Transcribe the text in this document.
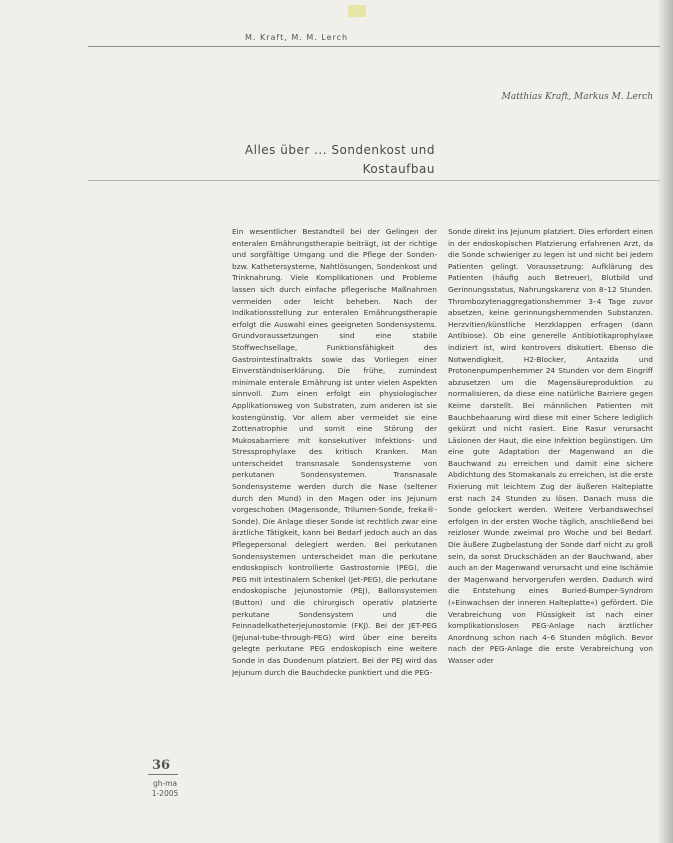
M. Kraft, M. M. Lerch
Matthias Kraft, Markus M. Lerch
Alles über ... Sondenkost und
Kostaufbau

Ein wesentlicher Bestandteil bei der Gelingen der enteralen Ernährungstherapie beiträgt, ist der richtige und sorgfältige Umgang und die Pflege der Sonden- bzw. Kathetersysteme, Nahtlösungen, Sondenkost und Trinknahrung. Viele Komplikationen und Probleme lassen sich durch einfache pflegerische Maßnahmen vermeiden oder leicht beheben. Nach der Indikationsstellung zur enteralen Ernährungstherapie erfolgt die Auswahl eines geeigneten Sondensystems. Grundvoraussetzungen sind eine stabile Stoffwechsellage, Funktionsfähigkeit des Gastrointestinaltrakts sowie das Vorliegen einer Einverständniserklärung. Die frühe, zumindest minimale enterale Ernährung ist unter vielen Aspekten sinnvoll. Zum einen erfolgt ein physiologischer Applikationsweg von Substraten, zum anderen ist sie kostengünstig. Vor allem aber vermeidet sie eine Zottenatrophie und somit eine Störung der Mukosabarriere mit konsekutiver Infektions- und Stressprophylaxe des kritisch Kranken. Man unterscheidet transnasale Sondensysteme von perkutanen Sondensystemen. Transnasale Sondensysteme werden durch die Nase (seltener durch den Mund) in den Magen oder ins Jejunum vorgeschoben (Magensonde, Trilumen-Sonde, freka®-Sonde). Die Anlage dieser Sonde ist rechtlich zwar eine ärztliche Tätigkeit, kann bei Bedarf jedoch auch an das Pflegepersonal delegiert werden. Bei perkutanen Sondensystemen unterscheidet man die perkutane endoskopisch kontrollierte Gastrostomie (PEG), die PEG mit intestinalem Schenkel (Jet-PEG), die perkutane endoskopische Jejunostomie (PEJ), Ballonsystemen (Button) und die chirurgisch operativ platzierte perkutane Sondensystem und die Feinnadelkatheterjejunostomie (FKJ). Bei der JET-PEG (Jejunal-tube-through-PEG) wird über eine bereits gelegte perkutane PEG endoskopisch eine weitere Sonde in das Duodenum platziert. Bei der PEJ wird das Jejunum durch die Bauchdecke punktiert und die PEG-

Sonde direkt ins Jejunum platziert. Dies erfordert einen in der endoskopischen Platzierung erfahrenen Arzt, da die Sonde schwieriger zu legen ist und nicht bei jedem Patienten gelingt. Voraussetzung: Aufklärung des Patienten (häufig auch Betreuer), Blutbild und Gerinnungsstatus, Nahrungskarenz von 8–12 Stunden. Thrombozytenaggregationshemmer 3–4 Tage zuvor absetzen, keine gerinnungshemmenden Substanzen. Herzvitien/künstliche Herzklappen erfragen (dann Antibiose). Ob eine generelle Antibiotikaprophylaxe indiziert ist, wird kontrovers diskutiert. Ebenso die Notwendigkeit, H2-Blocker, Antazida und Protonenpumpenhemmer 24 Stunden vor dem Eingriff abzusetzen um die Magensäureproduktion zu normalisieren, da diese eine natürliche Barriere gegen Keime darstellt. Bei männlichen Patienten mit Bauchbehaarung wird diese mit einer Schere lediglich gekürzt und nicht rasiert. Eine Rasur verursacht Läsionen der Haut, die eine Infektion begünstigen. Um eine gute Adaptation der Magenwand an die Bauchwand zu erreichen und damit eine sichere Abdichtung des Stomakanals zu erreichen, ist die erste Fixierung mit leichtem Zug der äußeren Halteplatte erst nach 24 Stunden zu lösen. Danach muss die Sonde gelockert werden. Weitere Verbandswechsel erfolgen in der ersten Woche täglich, anschließend bei reizloser Wunde zweimal pro Woche und bei Bedarf. Die äußere Zugbelastung der Sonde darf nicht zu groß sein, da sonst Druckschäden an der Bauchwand, aber auch an der Magenwand verursacht und eine Ischämie der Magenwand hervorgerufen werden. Dadurch wird die Entstehung eines Buried-Bumper-Syndrom (»Einwachsen der inneren Halteplatte«) gefördert. Die Verabreichung von Flüssigkeit ist nach einer komplikationslosen PEG-Anlage nach ärztlicher Anordnung schon nach 4–6 Stunden möglich. Bevor nach der PEG-Anlage die erste Verabreichung von Wasser oder

36
gh-ma
1-2005
